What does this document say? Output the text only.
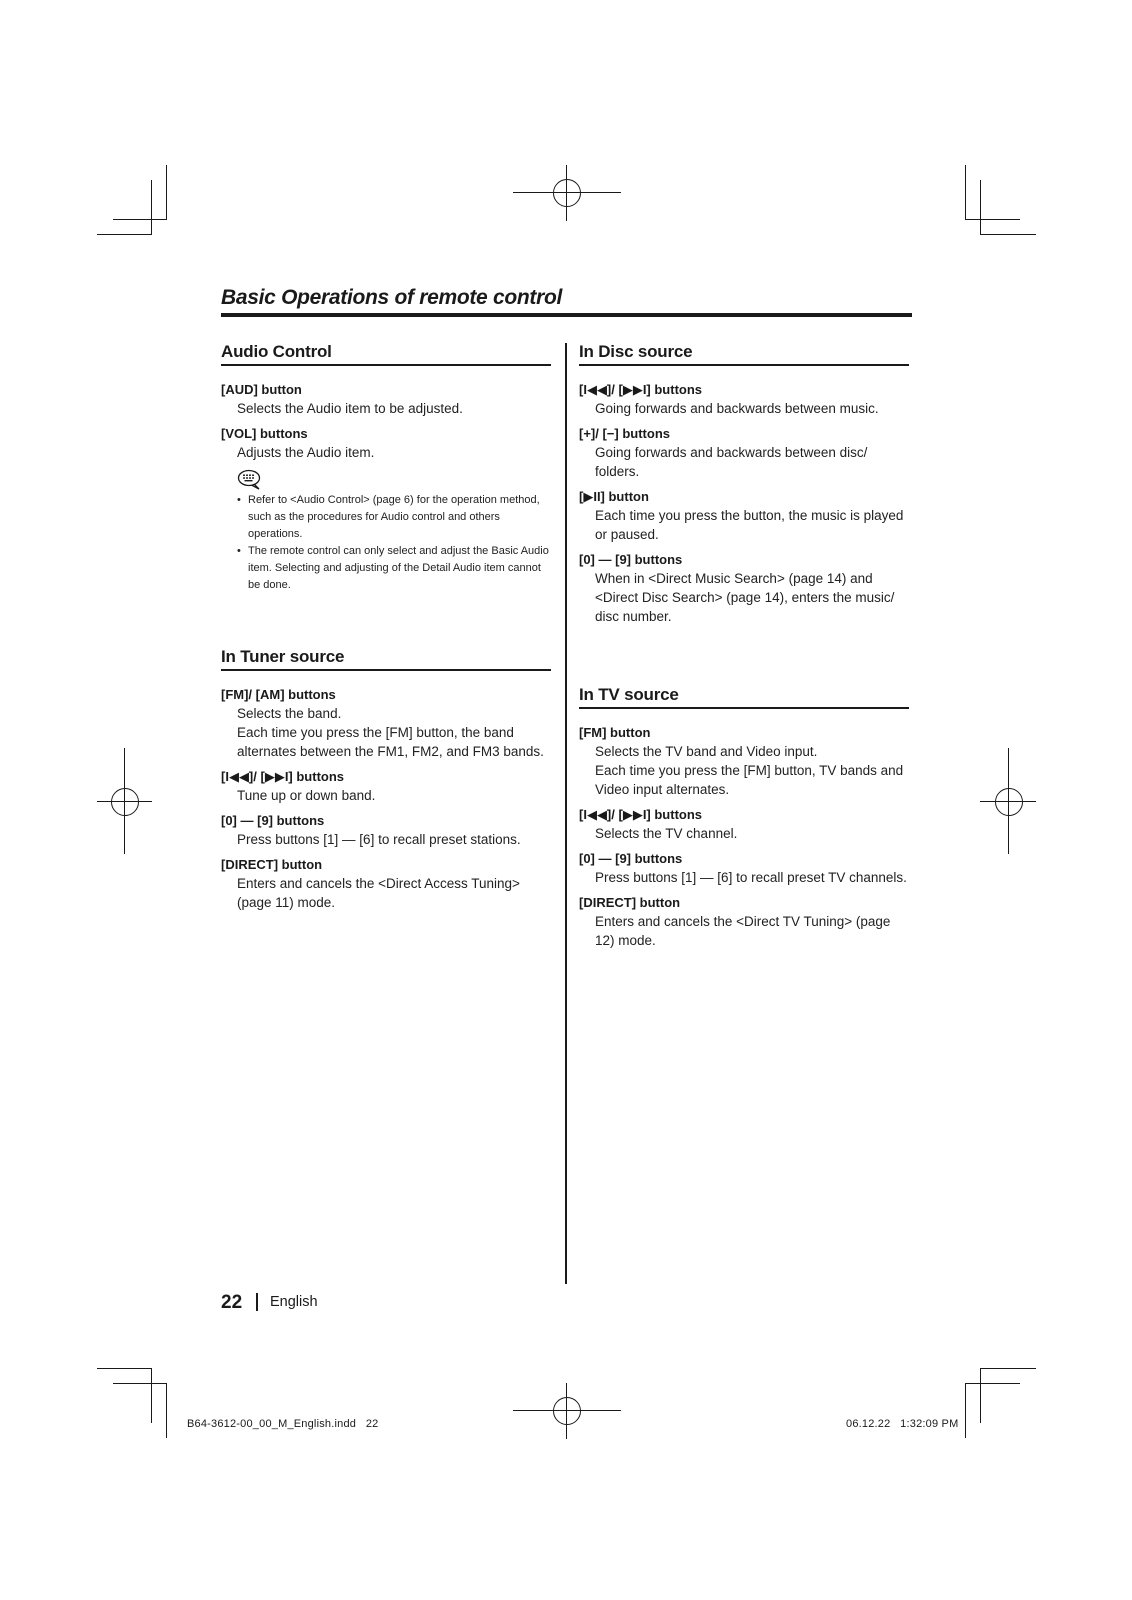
Basic Operations of remote control
Audio Control
[AUD] button
Selects the Audio item to be adjusted.
[VOL] buttons
Adjusts the Audio item.
• Refer to <Audio Control> (page 6) for the operation method, such as the procedures for Audio control and others operations.
• The remote control can only select and adjust the Basic Audio item. Selecting and adjusting of the Detail Audio item cannot be done.
In Tuner source
[FM]/ [AM] buttons
Selects the band.
Each time you press the [FM] button, the band alternates between the FM1, FM2, and FM3 bands.
[I◀◀]/ [▶▶I] buttons
Tune up or down band.
[0] — [9] buttons
Press buttons [1] — [6] to recall preset stations.
[DIRECT] button
Enters and cancels the <Direct Access Tuning> (page 11) mode.
In Disc source
[I◀◀]/ [▶▶I] buttons
Going forwards and backwards between music.
[+]/ [−] buttons
Going forwards and backwards between disc/ folders.
[▶II] button
Each time you press the button, the music is played or paused.
[0] — [9] buttons
When in <Direct Music Search> (page 14) and <Direct Disc Search> (page 14), enters the music/ disc number.
In TV source
[FM] button
Selects the TV band and Video input.
Each time you press the [FM] button, TV bands and Video input alternates.
[I◀◀]/ [▶▶I] buttons
Selects the TV channel.
[0] — [9] buttons
Press buttons [1] — [6] to recall preset TV channels.
[DIRECT] button
Enters and cancels the <Direct TV Tuning> (page 12) mode.
22 English
B64-3612-00_00_M_English.indd   22	06.12.22   1:32:09 PM
